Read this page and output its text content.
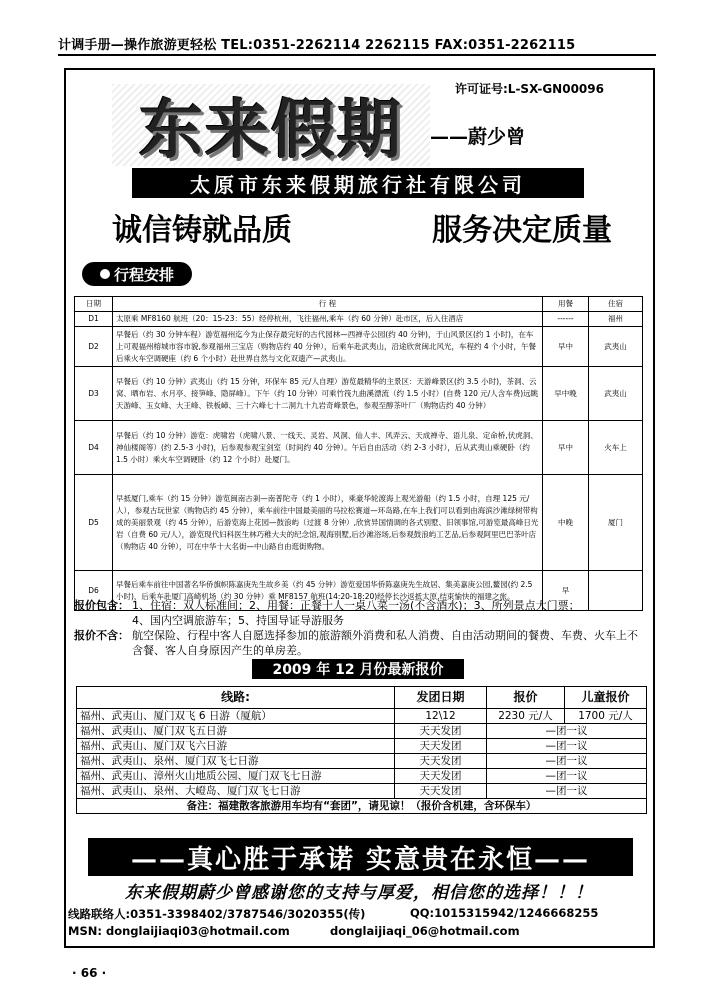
计调手册—操作旅游更轻松 TEL:0351-2262114 2262115 FAX:0351-2262115
许可证号:L-SX-GN00096
东来假期	——蔚少曾
太原市东来假期旅行社有限公司
诚信铸就品质	服务决定质量
行程安排
日期	行 程	用餐	住宿
D1	太原乘 MF8160 航班（20：15-23：55）经停杭州，飞往福州,乘车（约 60 分钟）赴市区，后入住酒店	------	福州
D2	早餐后（约 30 分钟车程）游览福州迄今为止保存最完好的古代园林—西禅寺公园(约 40 分钟)，于山风景区(约 1 小时)，在车上可观福州榕城市容市貌,参观福州三宝店（购物店约 40 分钟），后乘车赴武夷山，沿途欣赏闽北风光，车程约 4 个小时，午餐后乘火车空调硬座（约 6 个小时）赴世界自然与文化双遗产—武夷山。	早中	武夷山
D3	早餐后（约 10 分钟）武夷山（约 15 分钟，环保车 85 元/人自理）游览最精华的主景区：天游峰景区(约 3.5 小时)，茶洞、云窝、晒布岩、水月亭、接笋峰、隐屏峰）。下午（约 10 分钟）可乘竹筏九曲溪漂流（约 1.5 小时）(自费 120 元/人含车费)远眺天游峰、玉女峰、大王峰、铁板嶂、三十六峰七十二洞九十九岩奇峰景色，参观至醇茶叶厂（购物店约 40 分钟）	早中晚	武夷山
D4	早餐后（约 10 分钟）游览：虎啸岩（虎啸八景、一线天、灵岩、风洞、仙人丰、风弄云、天成禅寺、语儿泉、定命桥,伏虎洞、神仙楼阁等）(约 2.5-3 小时)，后参观参观宝剑室（时间约 40 分钟）。午后自由活动（约 2-3 小时），后从武夷山乘硬卧（约 1.5 小时）乘火车空调硬卧（约 12 个小时）赴厦门。	早中	火车上
D5	早抵厦门,乘车（约 15 分钟）游览闽南古刹—南普陀寺（约 1 小时），乘豪华轮渡海上观光游船（约 1.5 小时，自理 125 元/人），参观古玩世家（购物店约 45 分钟），乘车前往中国最美丽的马拉松赛道—环岛路,在车上我们可以看到由海滨沙滩绿树带构成的美丽景观（约 45 分钟），后游览海上花园—鼓浪屿（过渡 8 分钟）,欣赏异国情调的各式别墅、旧领事馆,可游览最高峰日光岩（自费 60 元/人），游览现代妇科医生林巧稚大夫的纪念馆,观海别墅,后沙滩浴场,后参观鼓浪屿工艺品,后参观阿里巴巴茶叶店（购物店 40 分钟），可在中华十大名街—中山路自由逛街购物。	中晚	厦门
D6	早餐后乘车前往中国著名华侨旗帜陈嘉庚先生故乡美（约 45 分钟）游览爱国华侨陈嘉庚先生故居、集美嘉庚公园,鳌园(约 2.5 小时)，后乘车赴厦门高崎机场（约 30 分钟）乘 MF8157 航班(14:20-18:20)经停长沙返抵太原,结束愉快的福建之旅。	早	
报价包含： 1、住宿：双人标准间；2、用餐：正餐十人一桌八菜一汤(不含酒水)；3、所列景点大门票；
4、国内空调旅游车；5、持国导证导游服务
报价不含： 航空保险、行程中客人自愿选择参加的旅游额外消费和私人消费、自由活动期间的餐费、车费、火车上不含餐、客人自身原因产生的单房差。
2009 年 12 月份最新报价
线路:	发团日期	报价	儿童报价
福州、武夷山、厦门双飞 6 日游（厦航）	12\12	2230 元/人	1700 元/人
福州、武夷山、厦门双飞五日游	天天发团	—团一议	
福州、武夷山、厦门双飞六日游	天天发团	—团一议	
福州、武夷山、泉州、厦门双飞七日游	天天发团	—团一议	
福州、武夷山、漳州火山地质公园、厦门双飞七日游	天天发团	—团一议	
福州、武夷山、泉州、大嶝岛、厦门双飞七日游	天天发团	—团一议	
备注：福建散客旅游用车均有“套团”，请见谅！（报价含机建，含环保车）			
——真心胜于承诺 实意贵在永恒——
东来假期蔚少曾感谢您的支持与厚爱，相信您的选择！！！
线路联络人:0351-3398402/3787546/3020355(传)	QQ:1015315942/1246668255
MSN: donglaijiaqi03@hotmail.com	donglaijiaqi_06@hotmail.com
· 66 ·
